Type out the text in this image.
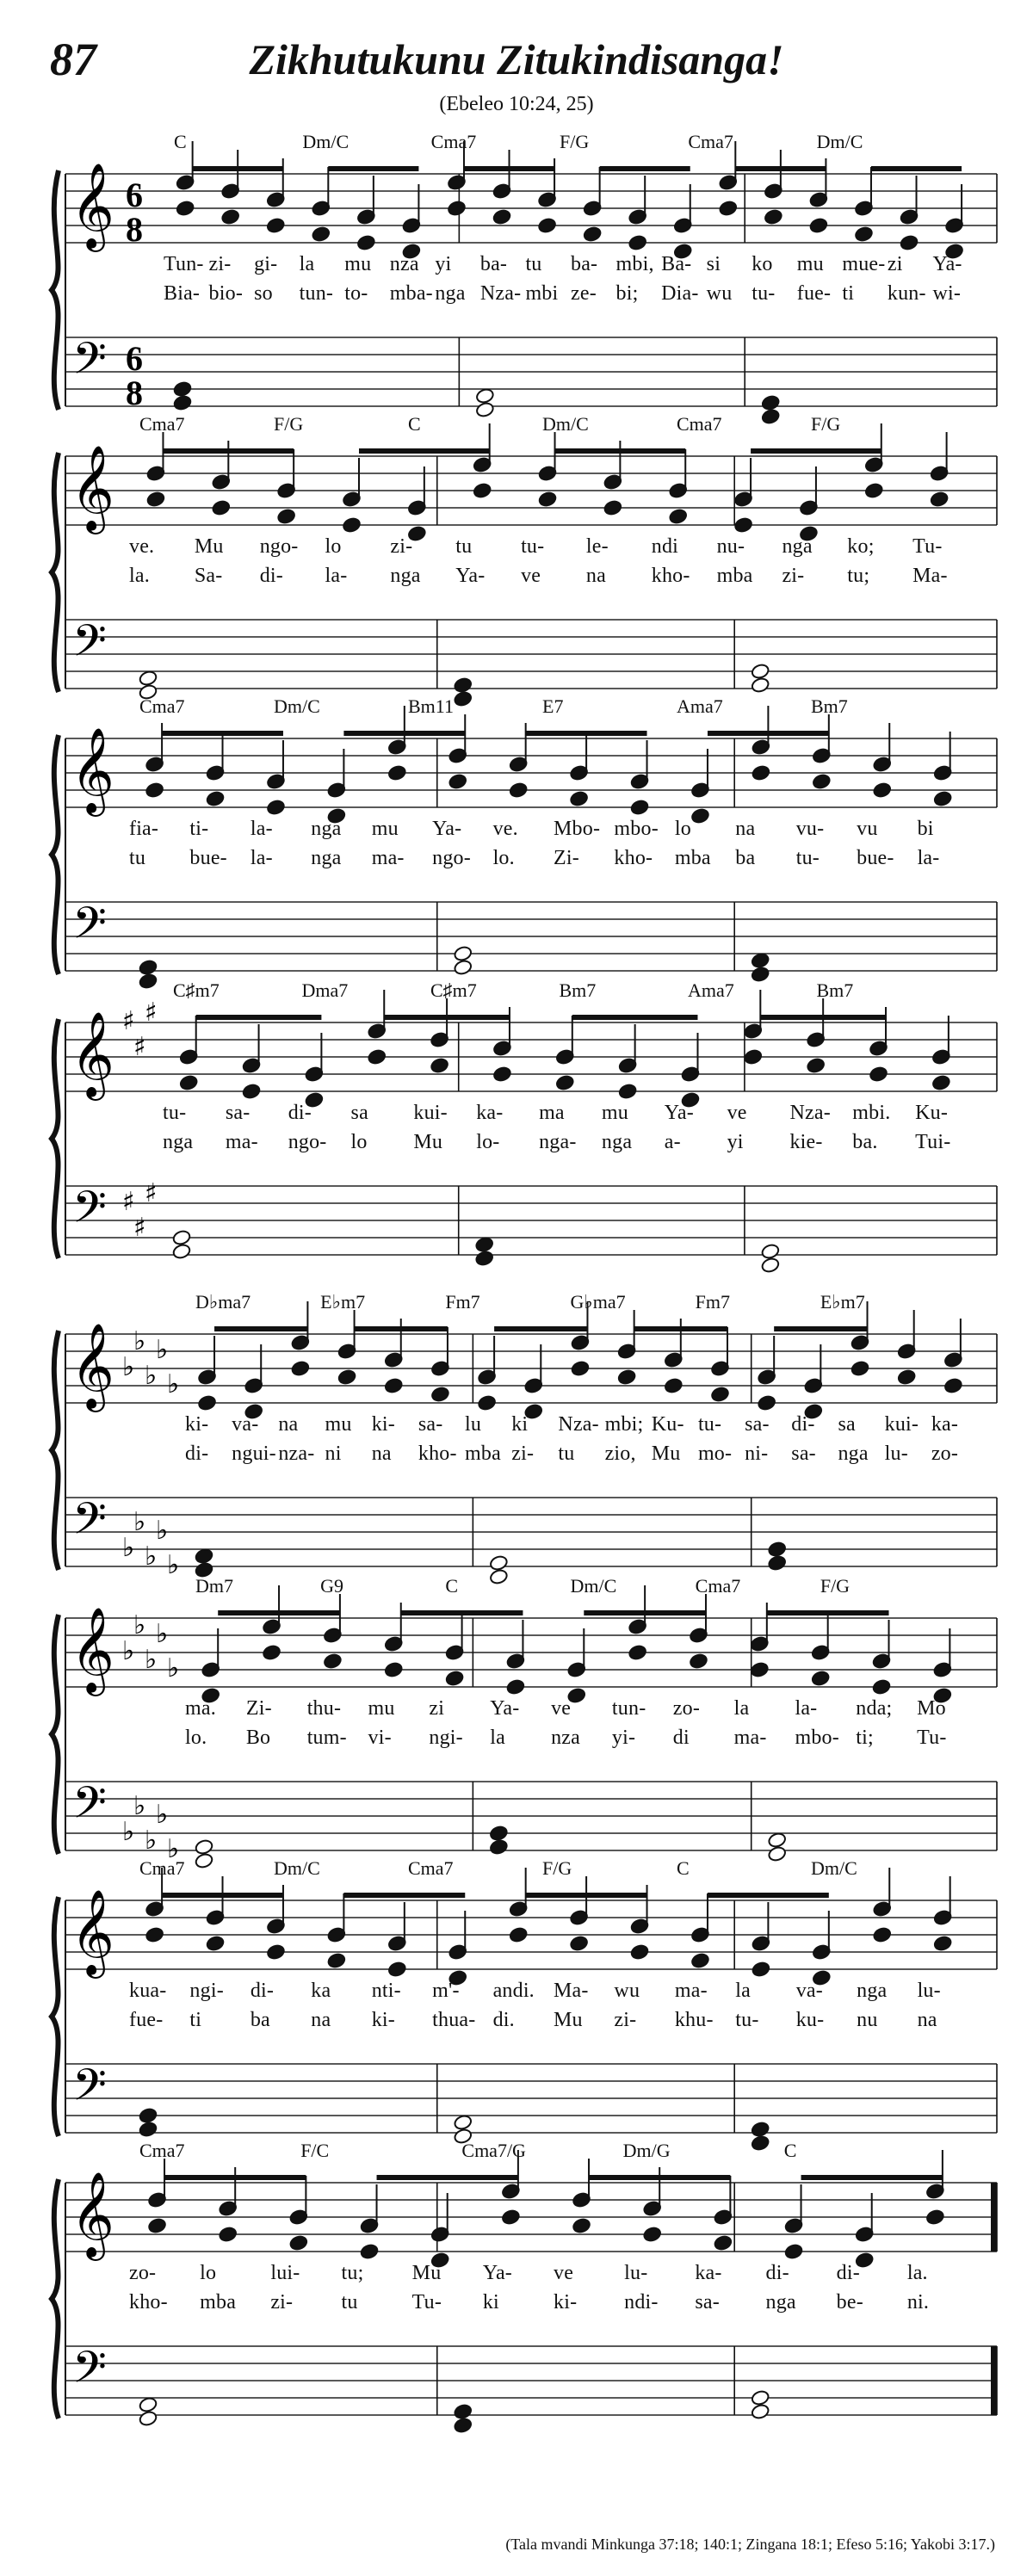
87	Zikhutukunu Zitukindisanga!
(Ebeleo 10:24, 25)
𝄞
𝄢
6
8
6
8
C	Dm/C	Cma7	F/G	Cma7	Dm/C
Tun- zi- gi- la mu nza yi ba- tu ba- mbi, Ba- si ko mu mue- zi Ya-
Bia- bio- so tun- to- mba- nga Nza- mbi ze- bi; Dia- wu tu- fue- ti kun- wi-
𝄞
𝄢
Cma7	F/G	C	Dm/C	Cma7	F/G
ve. Mu ngo- lo zi- tu tu- le- ndi nu- nga ko; Tu-
la. Sa- di- la- nga Ya- ve na kho- mba zi- tu; Ma-
𝄞
𝄢
Cma7	Dm/C	Bm11	E7	Ama7	Bm7
fia- ti- la- nga mu Ya- ve. Mbo- mbo- lo na vu- vu bi
tu bue- la- nga ma- ngo- lo. Zi- kho- mba ba tu- bue- la-
𝄞
𝄢
♯
♯
♯
♯
♯
♯
C♯m7	Dma7	C♯m7	Bm7	Ama7	Bm7
tu- sa- di- sa kui- ka- ma mu Ya- ve Nza- mbi. Ku-
nga ma- ngo- lo Mu lo- nga- nga a- yi kie- ba. Tui-
𝄞
𝄢
♭
♭
♭
♭
♭
♭
♭
♭
♭
♭
D♭ma7	E♭m7	Fm7	G♭ma7	Fm7	E♭m7
ki- va- na mu ki- sa- lu ki Nza- mbi; Ku- tu- sa- di- sa kui- ka-
di- ngui- nza- ni na kho- mba zi- tu zio, Mu mo- ni- sa- nga lu- zo-
𝄞
𝄢
♭
♭
♭
♭
♭
♭
♭
♭
♭
♭
Dm7	G9	C	Dm/C	Cma7	F/G
ma. Zi- thu- mu zi Ya- ve tun- zo- la la- nda; Mo
lo. Bo tum- vi- ngi- la nza yi- di ma- mbo- ti; Tu-
𝄞
𝄢
Cma7	Dm/C	Cma7	F/G	C	Dm/C
kua- ngi- di- ka nti- m'- andi. Ma- wu ma- la va- nga lu-
fue- ti ba na ki- thua- di. Mu zi- khu- tu- ku- nu na
𝄞
𝄢
Cma7	F/C	Cma7/G	Dm/G	C
zo- lo	lui- tu; Mu Ya- ve lu- ka- di- di- la.
kho- mba zi- tu	Tu- ki	ki- ndi- sa- nga be- ni.
(Tala mvandi Minkunga 37:18; 140:1; Zingana 18:1; Efeso 5:16; Yakobi 3:17.)
